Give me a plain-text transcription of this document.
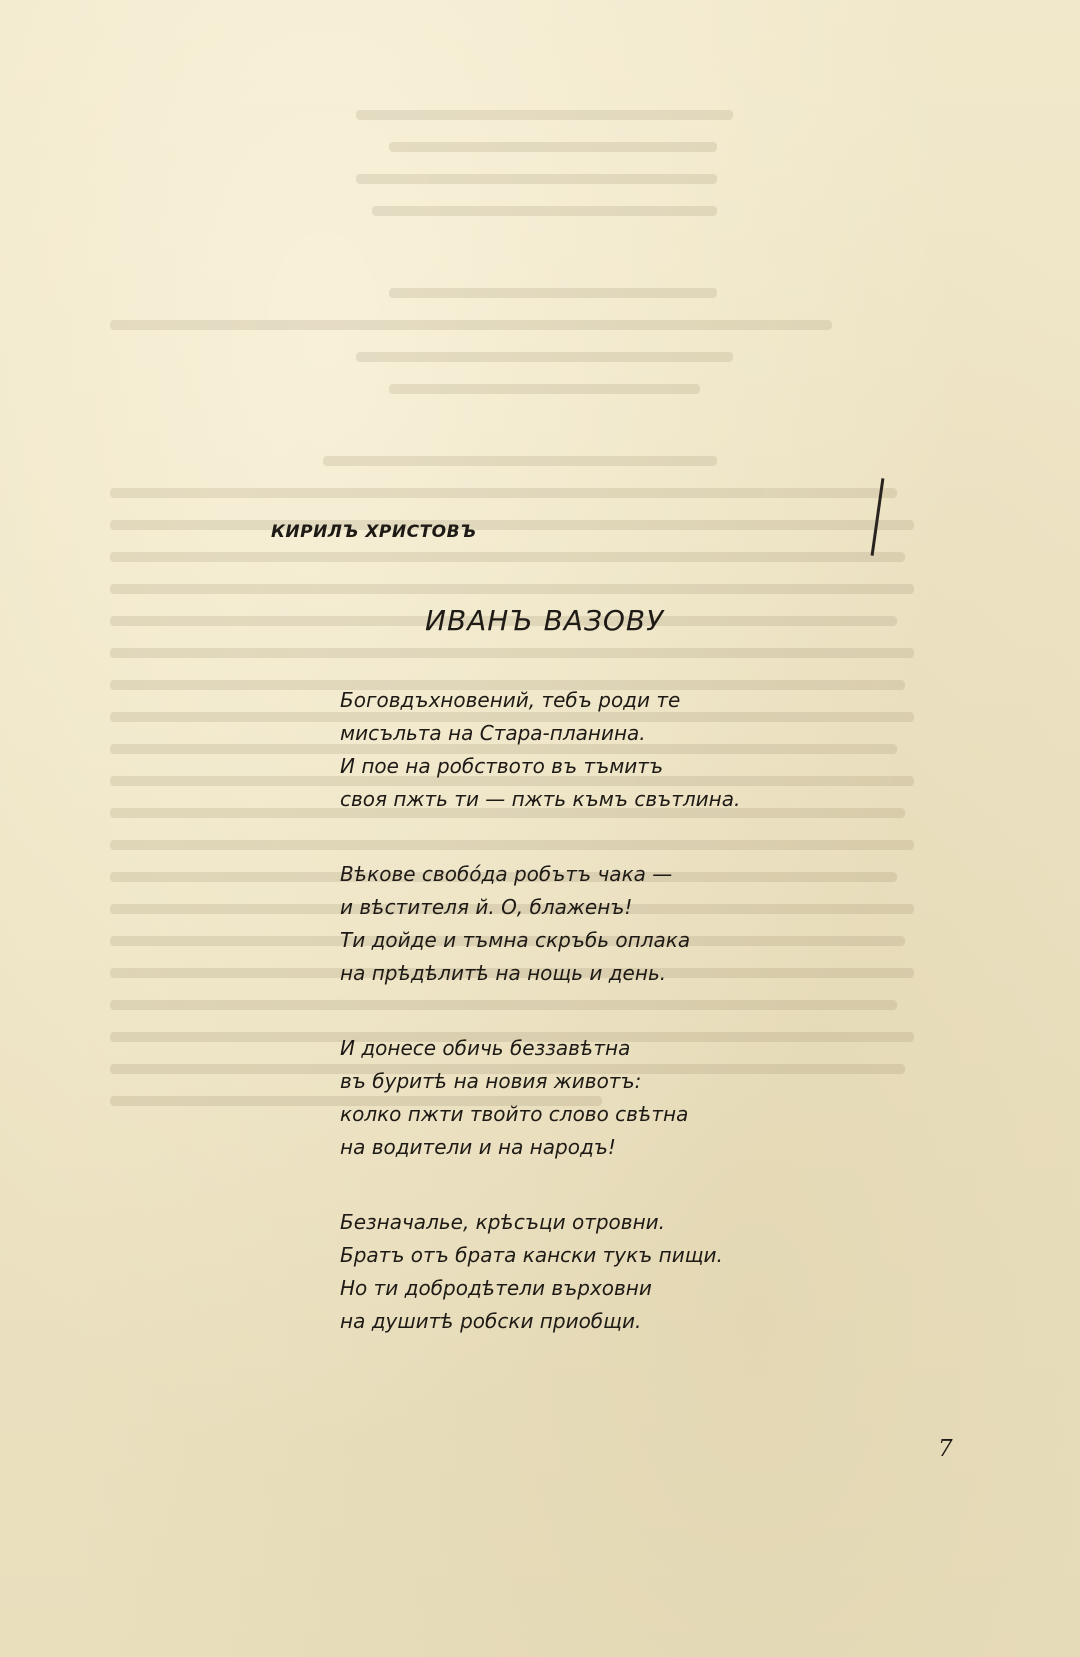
КИРИЛЪ ХРИСТОВЪ
ИВАНЪ ВАЗОВУ
Боговдъхновений, тебъ роди те
мисъльта на Стара-планина.
И пое на робството въ тъмитъ
своя пжть ти — пжть къмъ свътлина.
Вѣкове свобóда робътъ чака —
и вѣстителя й. О, блаженъ!
Ти дойде и тъмна скръбь оплака
на прѣдѣлитѣ на нощь и день.
И донесе обичь беззавѣтна
въ буритѣ на новия животъ:
колко пжти твойто слово свѣтна
на водители и на народъ!
Безначалье, крѣсъци отровни.
Братъ отъ брата кански тукъ пищи.
Но ти добродѣтели върховни
на душитѣ робски приобщи.
7
